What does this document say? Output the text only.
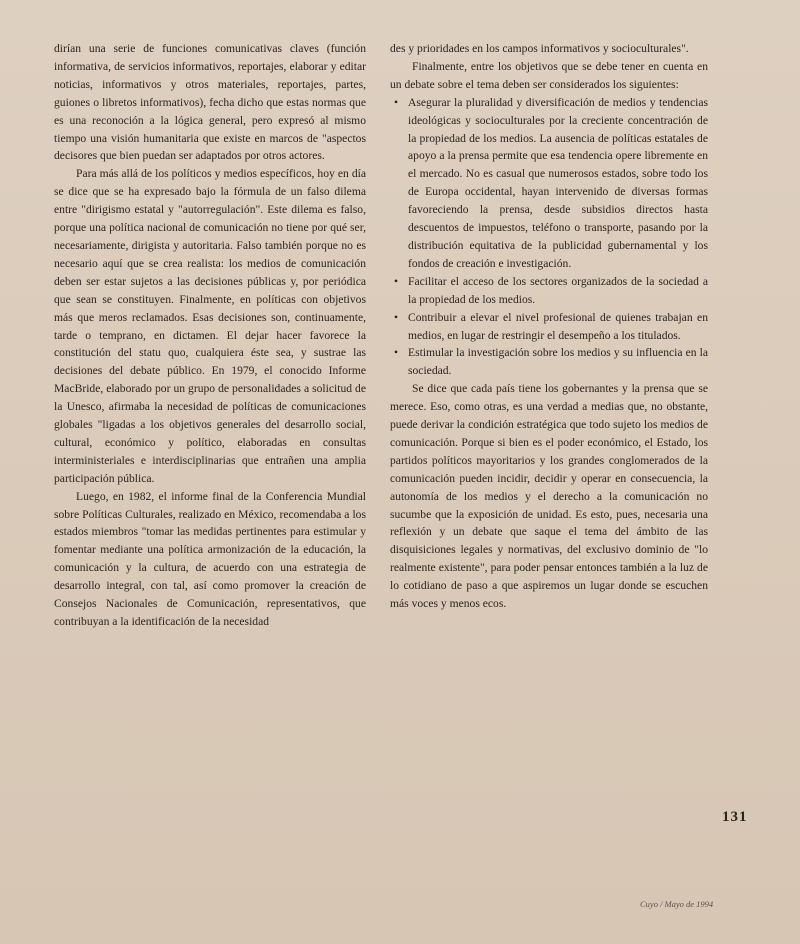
dirían una serie de funciones comunicativas claves (función informativa, de servicios informativos, reportajes, elaborar y editar noticias, informativos y otros materiales, reportajes, partes, guiones o libretos informativos), fecha dicho que estas normas que es una reconoción a la lógica general, pero expresó al mismo tiempo una visión humanitaria que existe en marcos de "aspectos decisores que bien puedan ser adaptados por otros actores.

Para más allá de los políticos y medios específicos, hoy en día se dice que se ha expresado bajo la fórmula de un falso dilema entre "dirigismo estatal y "autorregulación". Este dilema es falso, porque una política nacional de comunicación no tiene por qué ser, necesariamente, dirigista y autoritaria. Falso también porque no es necesario aquí que se crea realista: los medios de comunicación deben ser estar sujetos a las decisiones públicas y, por periódica que sean se constituyen. Finalmente, en políticas con objetivos más que meros reclamados. Esas decisiones son, continuamente, tarde o temprano, en dictamen. El dejar hacer favorece la constitución del statu quo, cualquiera éste sea, y sustrae las decisiones del debate público. En 1979, el conocido Informe MacBride, elaborado por un grupo de personalidades a solicitud de la Unesco, afirmaba la necesidad de políticas de comunicaciones globales "ligadas a los objetivos generales del desarrollo social, cultural, económico y político, elaboradas en consultas interministeriales e interdisciplinarias que entrañen una amplia participación pública.

Luego, en 1982, el informe final de la Conferencia Mundial sobre Políticas Culturales, realizado en México, recomendaba a los estados miembros "tomar las medidas pertinentes para estimular y fomentar mediante una política armonización de la educación, la comunicación y la cultura, de acuerdo con una estrategia de desarrollo integral, con tal, así como promover la creación de Consejos Nacionales de Comunicación, representativos, que contribuyan a la identificación de la necesidad

des y prioridades en los campos informativos y socioculturales".

Finalmente, entre los objetivos que se debe tener en cuenta en un debate sobre el tema deben ser considerados los siguientes:

• Asegurar la pluralidad y diversificación de medios y tendencias ideológicas y socioculturales por la creciente concentración de la propiedad de los medios. La ausencia de políticas estatales de apoyo a la prensa permite que esa tendencia opere libremente en el mercado. No es casual que numerosos estados, sobre todo los de Europa occidental, hayan intervenido de diversas formas favoreciendo la prensa, desde subsidios directos hasta descuentos de impuestos, teléfono o transporte, pasando por la distribución equitativa de la publicidad gubernamental y los fondos de creación e investigación.
• Facilitar el acceso de los sectores organizados de la sociedad a la propiedad de los medios.
• Contribuir a elevar el nivel profesional de quienes trabajan en medios, en lugar de restringir el desempeño a los titulados.
• Estimular la investigación sobre los medios y su influencia en la sociedad.

Se dice que cada país tiene los gobernantes y la prensa que se merece. Eso, como otras, es una verdad a medias que, no obstante, puede derivar la condición estratégica que todo sujeto los medios de comunicación. Porque si bien es el poder económico, el Estado, los partidos políticos mayoritarios y los grandes conglomerados de la comunicación pueden incidir, decidir y operar en consecuencia, la autonomía de los medios y el derecho a la comunicación no sucumbe que la exposición de unidad. Es esto, pues, necesaria una reflexión y un debate que saque el tema del ámbito de las disquisiciones legales y normativas, del exclusivo dominio de "lo realmente existente", para poder pensar entonces también a la luz de lo cotidiano de paso a que aspiremos un lugar donde se escuchen más voces y menos ecos.

131
Cuyo / Mayo de 1994
